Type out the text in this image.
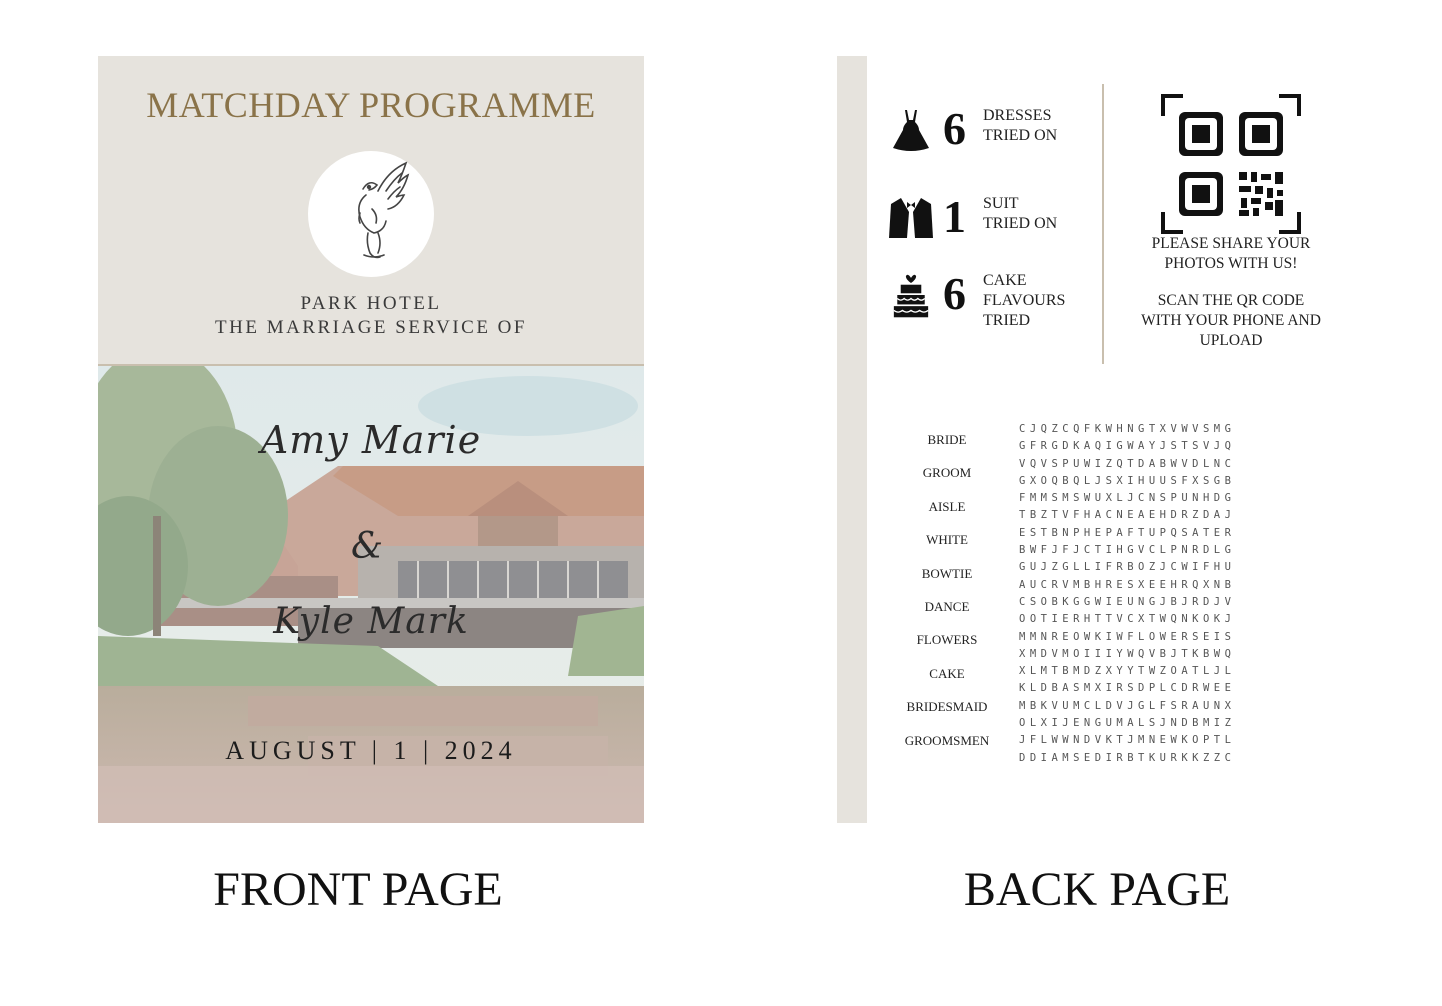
MATCHDAY PROGRAMME
PARK HOTEL
THE MARRIAGE SERVICE OF
Amy Marie
&
Kyle Mark
AUGUST | 1 | 2024
FRONT PAGE
6 DRESSES
TRIED ON
1 SUIT
TRIED ON
6 CAKE
FLAVOURS
TRIED
PLEASE SHARE YOUR
PHOTOS WITH US!
SCAN THE QR CODE
WITH YOUR PHONE AND
UPLOAD
BRIDE
GROOM
AISLE
WHITE
BOWTIE
DANCE
FLOWERS
CAKE
BRIDESMAID
GROOMSMEN
CJQZCQFKWHNGTXVWVSMG
GFRGDKAQIGWAYJSTSVJQ
VQVSPUWIZQTDABWVDLNC
GXOQBQLJSXIHUUSFXSGB
FMMSMSWUXLJCNSPUNHDG
TBZTVFHACNEAEHDRZDAJ
ESTBNPHEPAFTUPQSATER
BWFJFJCTIHGVCLPNRDLG
GUJZGLLIFRBOZJCWIFHU
AUCRVMBHRESXEEHRQXNB
CSOBKGGWIEUNGJBJRDJV
OOTIERHTTVCXTWQNKOKJ
MMNREOWKIWFLOWERSEIS
XMDVMOIIIYWQVBJTKBWQ
XLMTBMDZXYYTWZOATLJL
KLDBASMXIRSDPLCDRWEE
MBKVUMCLDVJGLFSRAUNX
OLXIJENGUMALSJNDBMIZ
JFLWWNDVKTJMNEWKOPTL
DDIAMSEDIRBTKURKKZZC
BACK PAGE
